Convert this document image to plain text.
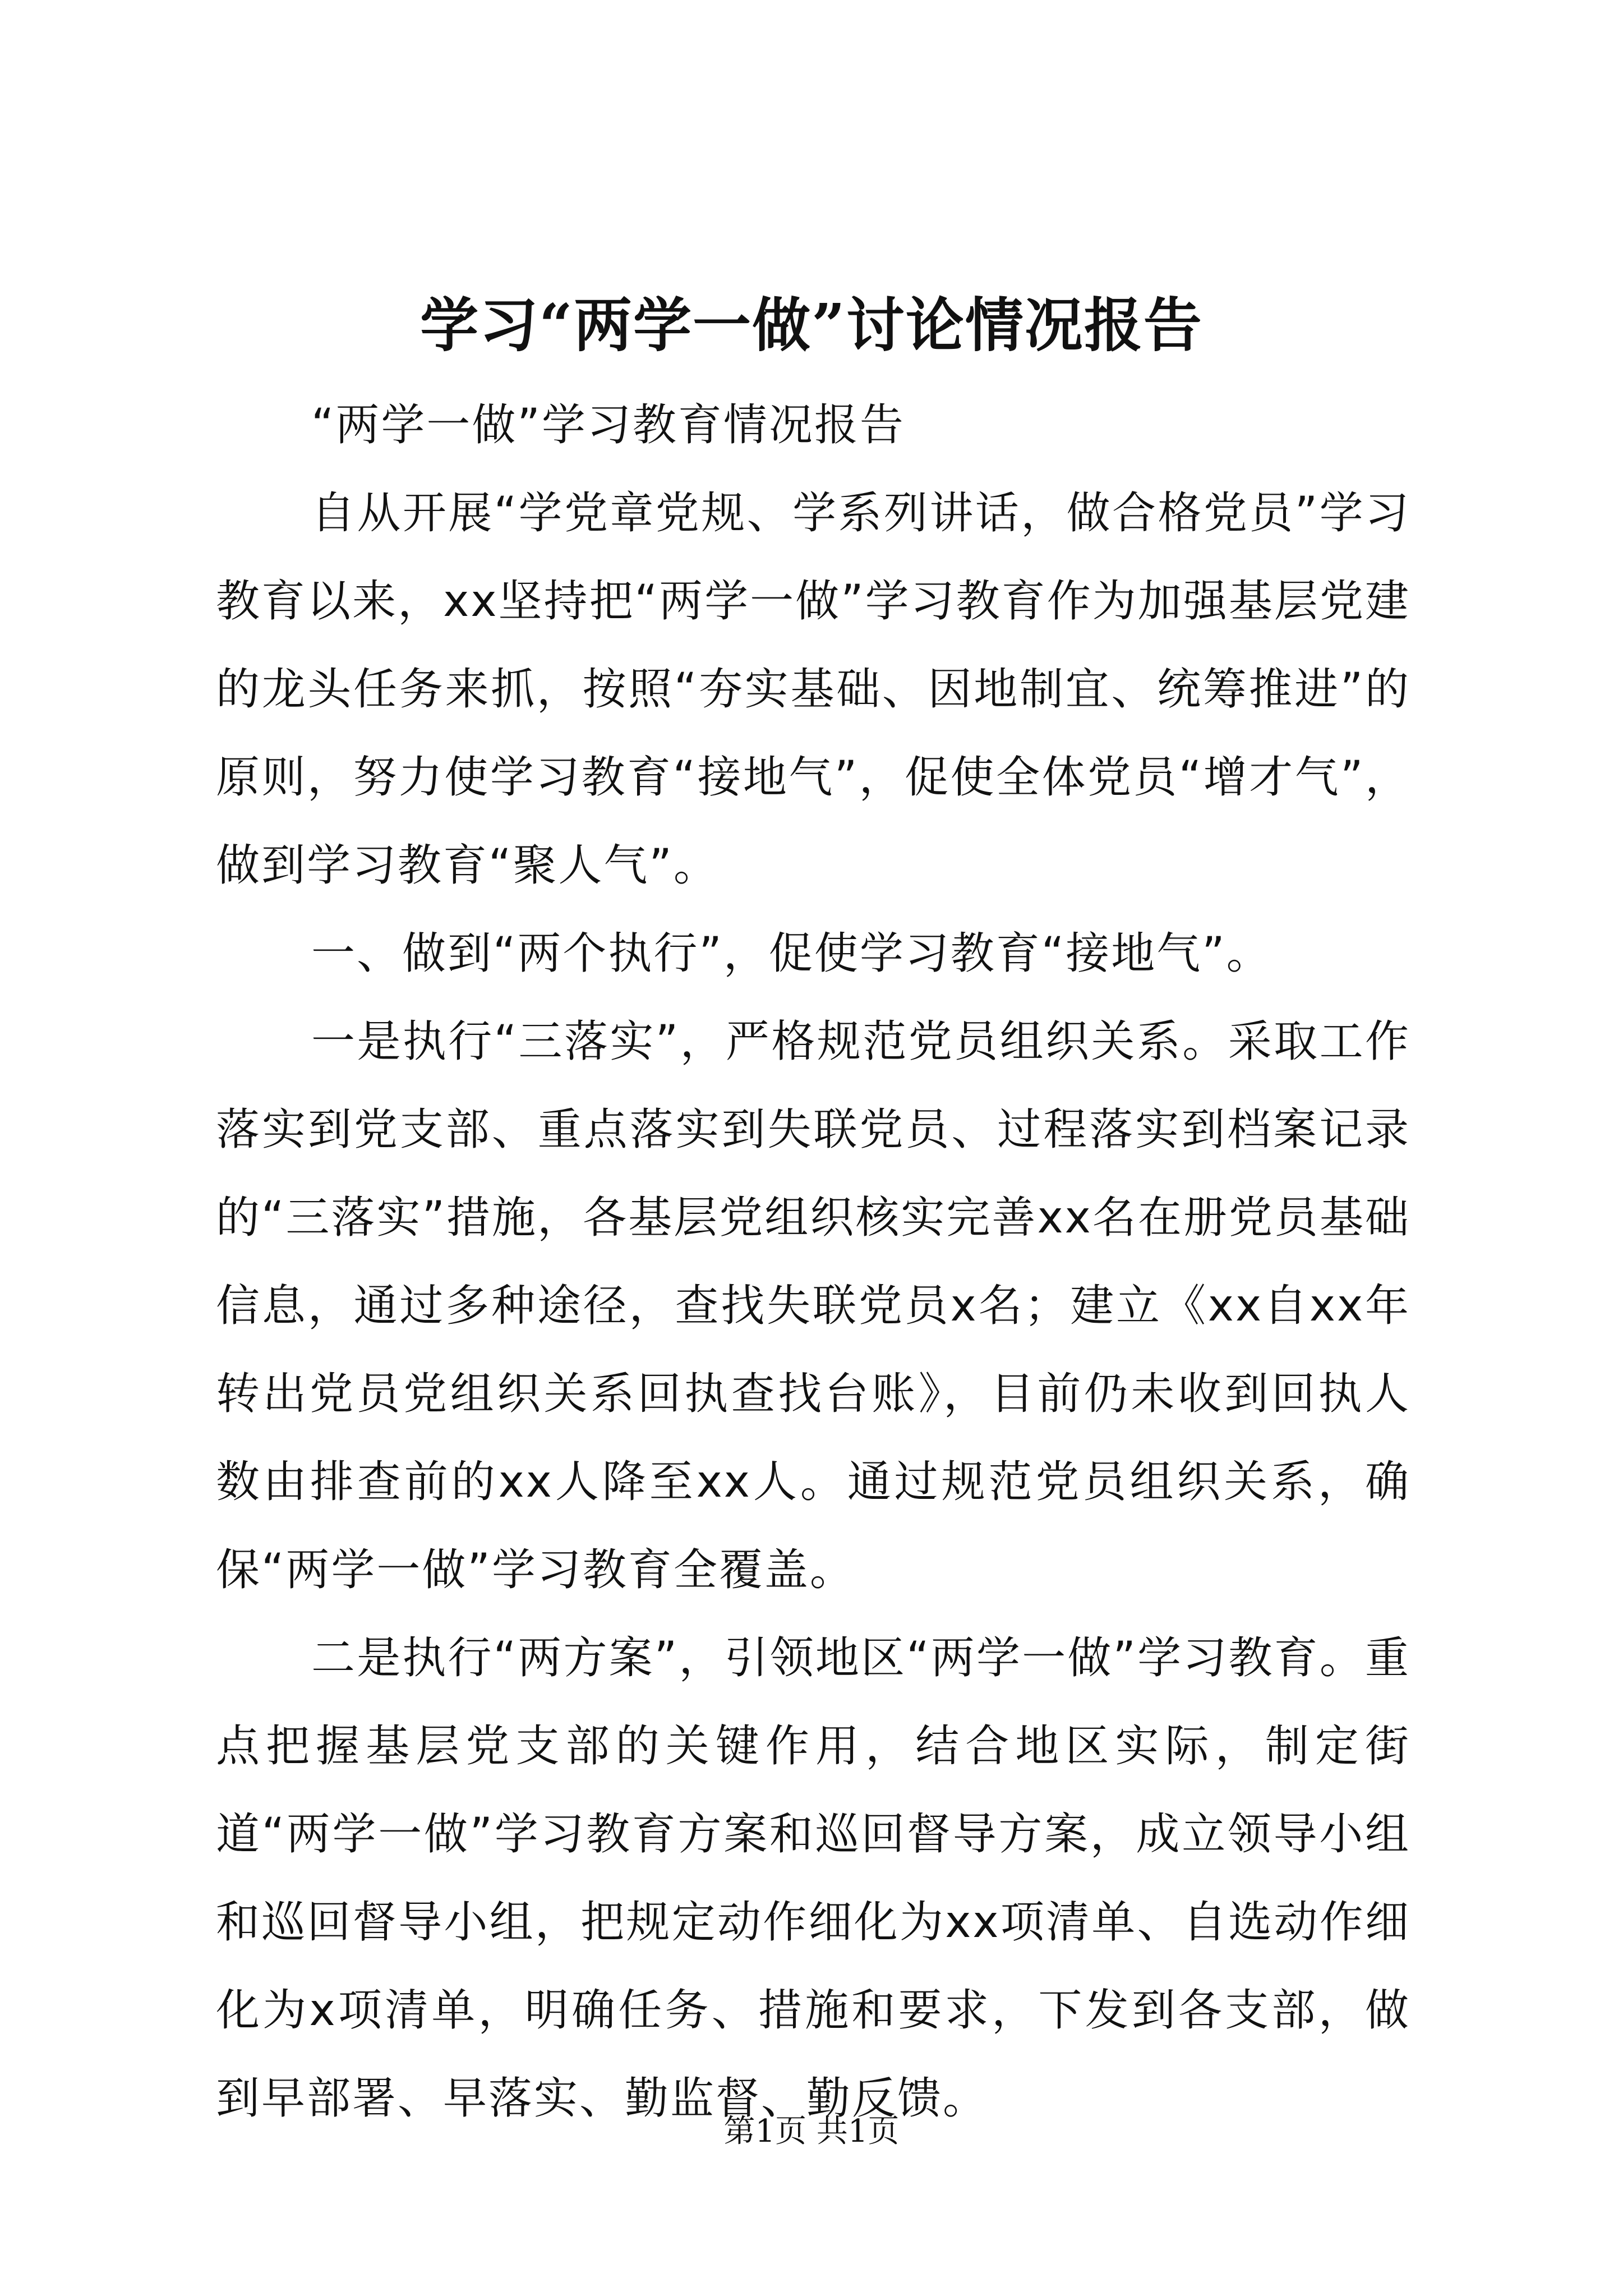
学习“两学一做”讨论情况报告

“两学一做”学习教育情况报告

自从开展“学党章党规、学系列讲话，做合格党员”学习教育以来，xx坚持把“两学一做”学习教育作为加强基层党建的龙头任务来抓，按照“夯实基础、因地制宜、统筹推进”的原则，努力使学习教育“接地气”，促使全体党员“增才气”，做到学习教育“聚人气”。

一、做到“两个执行”，促使学习教育“接地气”。

一是执行“三落实”，严格规范党员组织关系。采取工作落实到党支部、重点落实到失联党员、过程落实到档案记录的“三落实”措施，各基层党组织核实完善xx名在册党员基础信息，通过多种途径，查找失联党员x名；建立《xx自xx年转出党员党组织关系回执查找台账》，目前仍未收到回执人数由排查前的xx人降至xx人。通过规范党员组织关系，确保“两学一做”学习教育全覆盖。

二是执行“两方案”，引领地区“两学一做”学习教育。重点把握基层党支部的关键作用，结合地区实际，制定街道“两学一做”学习教育方案和巡回督导方案，成立领导小组和巡回督导小组，把规定动作细化为xx项清单、自选动作细化为x项清单，明确任务、措施和要求，下发到各支部，做到早部署、早落实、勤监督、勤反馈。

第1页 共1页
